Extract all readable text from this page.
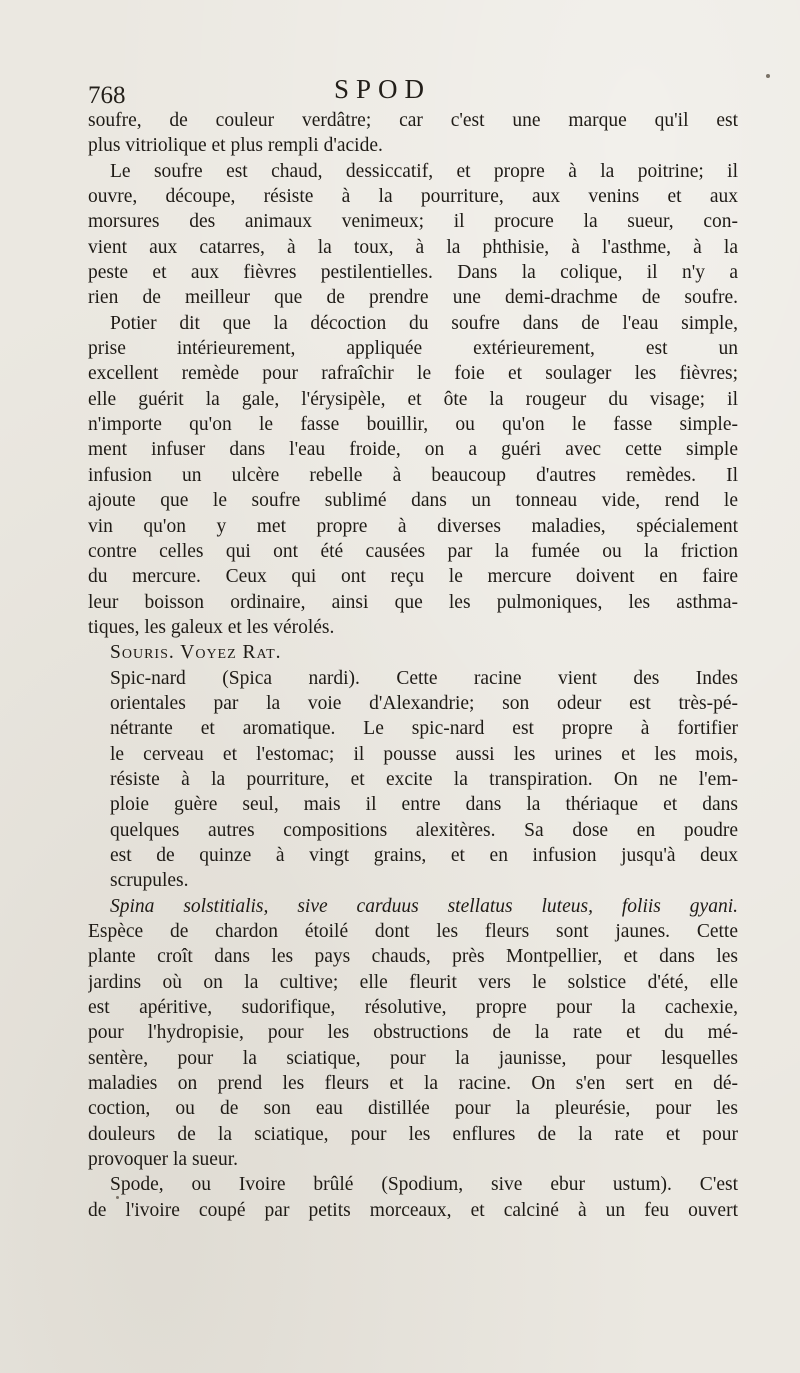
768	SPOD
soufre, de couleur verdâtre; car c'est une marque qu'il est
plus vitriolique et plus rempli d'acide.
Le soufre est chaud, dessiccatif, et propre à la poitrine; il
ouvre, découpe, résiste à la pourriture, aux venins et aux
morsures des animaux venimeux; il procure la sueur, con-
vient aux catarres, à la toux, à la phthisie, à l'asthme, à la
peste et aux fièvres pestilentielles. Dans la colique, il n'y a
rien de meilleur que de prendre une demi-drachme de soufre.
Potier dit que la décoction du soufre dans de l'eau simple,
prise intérieurement, appliquée extérieurement, est un
excellent remède pour rafraîchir le foie et soulager les fièvres;
elle guérit la gale, l'érysipèle, et ôte la rougeur du visage; il
n'importe qu'on le fasse bouillir, ou qu'on le fasse simple-
ment infuser dans l'eau froide, on a guéri avec cette simple
infusion un ulcère rebelle à beaucoup d'autres remèdes. Il
ajoute que le soufre sublimé dans un tonneau vide, rend le
vin qu'on y met propre à diverses maladies, spécialement
contre celles qui ont été causées par la fumée ou la friction
du mercure. Ceux qui ont reçu le mercure doivent en faire
leur boisson ordinaire, ainsi que les pulmoniques, les asthma-
tiques, les galeux et les vérolés.
Souris. Voyez Rat.
Spic-nard (Spica nardi). Cette racine vient des Indes
orientales par la voie d'Alexandrie; son odeur est très-pé-
nétrante et aromatique. Le spic-nard est propre à fortifier
le cerveau et l'estomac; il pousse aussi les urines et les mois,
résiste à la pourriture, et excite la transpiration. On ne l'em-
ploie guère seul, mais il entre dans la thériaque et dans
quelques autres compositions alexitères. Sa dose en poudre
est de quinze à vingt grains, et en infusion jusqu'à deux
scrupules.
Spina solstitialis, sive carduus stellatus luteus, foliis gyani.
Espèce de chardon étoilé dont les fleurs sont jaunes. Cette
plante croît dans les pays chauds, près Montpellier, et dans les
jardins où on la cultive; elle fleurit vers le solstice d'été, elle
est apéritive, sudorifique, résolutive, propre pour la cachexie,
pour l'hydropisie, pour les obstructions de la rate et du mé-
sentère, pour la sciatique, pour la jaunisse, pour lesquelles
maladies on prend les fleurs et la racine. On s'en sert en dé-
coction, ou de son eau distillée pour la pleurésie, pour les
douleurs de la sciatique, pour les enflures de la rate et pour
provoquer la sueur.
Spode, ou Ivoire brûlé (Spodium, sive ebur ustum). C'est
de l'ivoire coupé par petits morceaux, et calciné à un feu ouvert
